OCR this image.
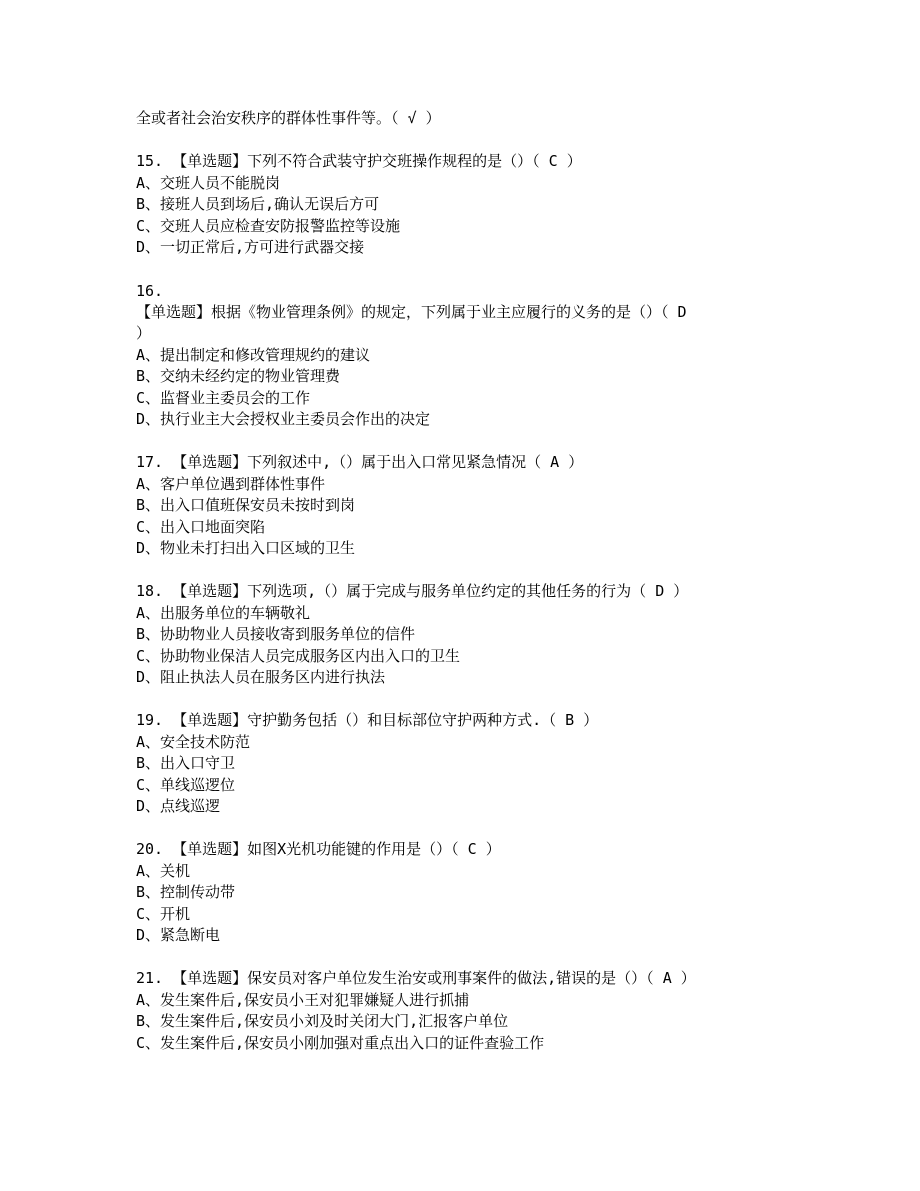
全或者社会治安秩序的群体性事件等。（ √ ）
15. 【单选题】下列不符合武装守护交班操作规程的是（）（ C ）
A、交班人员不能脱岗
B、接班人员到场后,确认无误后方可
C、交班人员应检查安防报警监控等设施
D、一切正常后,方可进行武器交接
16.
【单选题】根据《物业管理条例》的规定，下列属于业主应履行的义务的是（）（ D
）
A、提出制定和修改管理规约的建议
B、交纳未经约定的物业管理费
C、监督业主委员会的工作
D、执行业主大会授权业主委员会作出的决定
17. 【单选题】下列叙述中,（）属于出入口常见紧急情况（ A ）
A、客户单位遇到群体性事件
B、出入口值班保安员未按时到岗
C、出入口地面突陷
D、物业未打扫出入口区域的卫生
18. 【单选题】下列选项,（）属于完成与服务单位约定的其他任务的行为（ D ）
A、出服务单位的车辆敬礼
B、协助物业人员接收寄到服务单位的信件
C、协助物业保洁人员完成服务区内出入口的卫生
D、阻止执法人员在服务区内进行执法
19. 【单选题】守护勤务包括（）和目标部位守护两种方式.（ B ）
A、安全技术防范
B、出入口守卫
C、单线巡逻位
D、点线巡逻
20. 【单选题】如图X光机功能键的作用是（）（ C ）
A、关机
B、控制传动带
C、开机
D、紧急断电
21. 【单选题】保安员对客户单位发生治安或刑事案件的做法,错误的是（）（ A ）
A、发生案件后,保安员小王对犯罪嫌疑人进行抓捕
B、发生案件后,保安员小刘及时关闭大门,汇报客户单位
C、发生案件后,保安员小刚加强对重点出入口的证件查验工作
